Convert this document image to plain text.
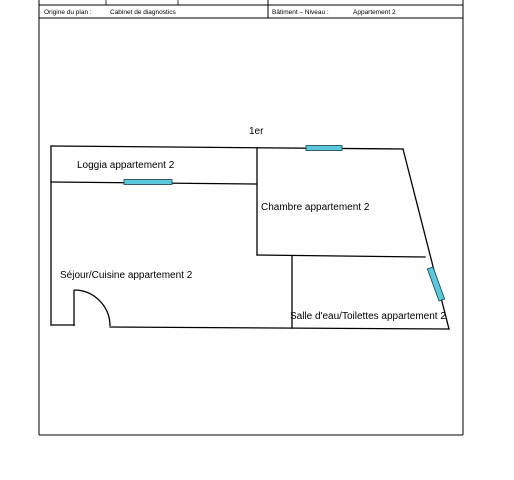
Origine du plan :	Cabinet de diagnostics	Bâtiment – Niveau :	Appartement 2
1er
Loggia appartement 2
Chambre appartement 2
Séjour/Cuisine appartement 2
Salle d'eau/Toilettes appartement 2
